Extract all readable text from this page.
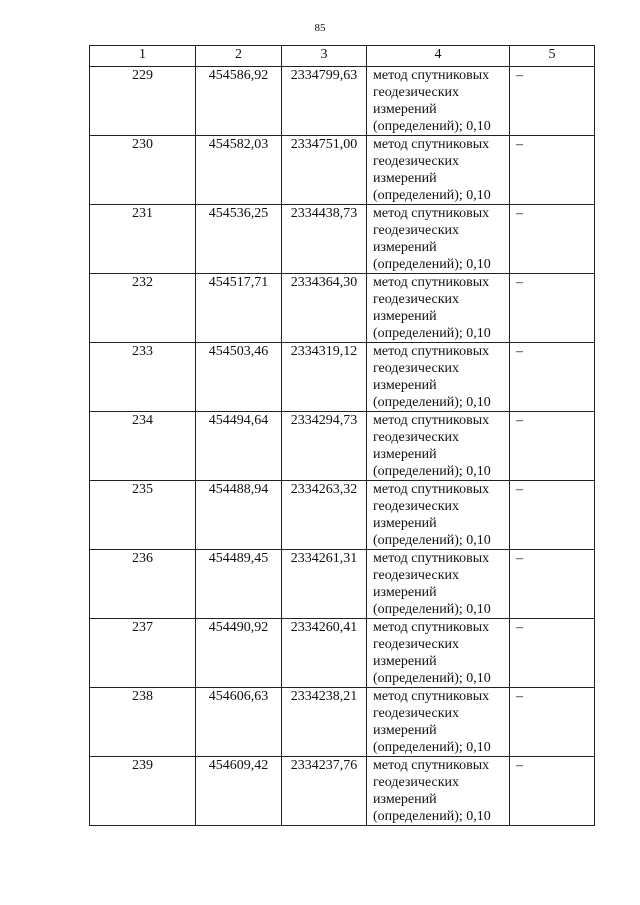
85
1	2	3	4	5
229	454586,92	2334799,63	метод спутниковых
геодезических
измерений
(определений); 0,10	–
230	454582,03	2334751,00	метод спутниковых
геодезических
измерений
(определений); 0,10	–
231	454536,25	2334438,73	метод спутниковых
геодезических
измерений
(определений); 0,10	–
232	454517,71	2334364,30	метод спутниковых
геодезических
измерений
(определений); 0,10	–
233	454503,46	2334319,12	метод спутниковых
геодезических
измерений
(определений); 0,10	–
234	454494,64	2334294,73	метод спутниковых
геодезических
измерений
(определений); 0,10	–
235	454488,94	2334263,32	метод спутниковых
геодезических
измерений
(определений); 0,10	–
236	454489,45	2334261,31	метод спутниковых
геодезических
измерений
(определений); 0,10	–
237	454490,92	2334260,41	метод спутниковых
геодезических
измерений
(определений); 0,10	–
238	454606,63	2334238,21	метод спутниковых
геодезических
измерений
(определений); 0,10	–
239	454609,42	2334237,76	метод спутниковых
геодезических
измерений
(определений); 0,10	–
